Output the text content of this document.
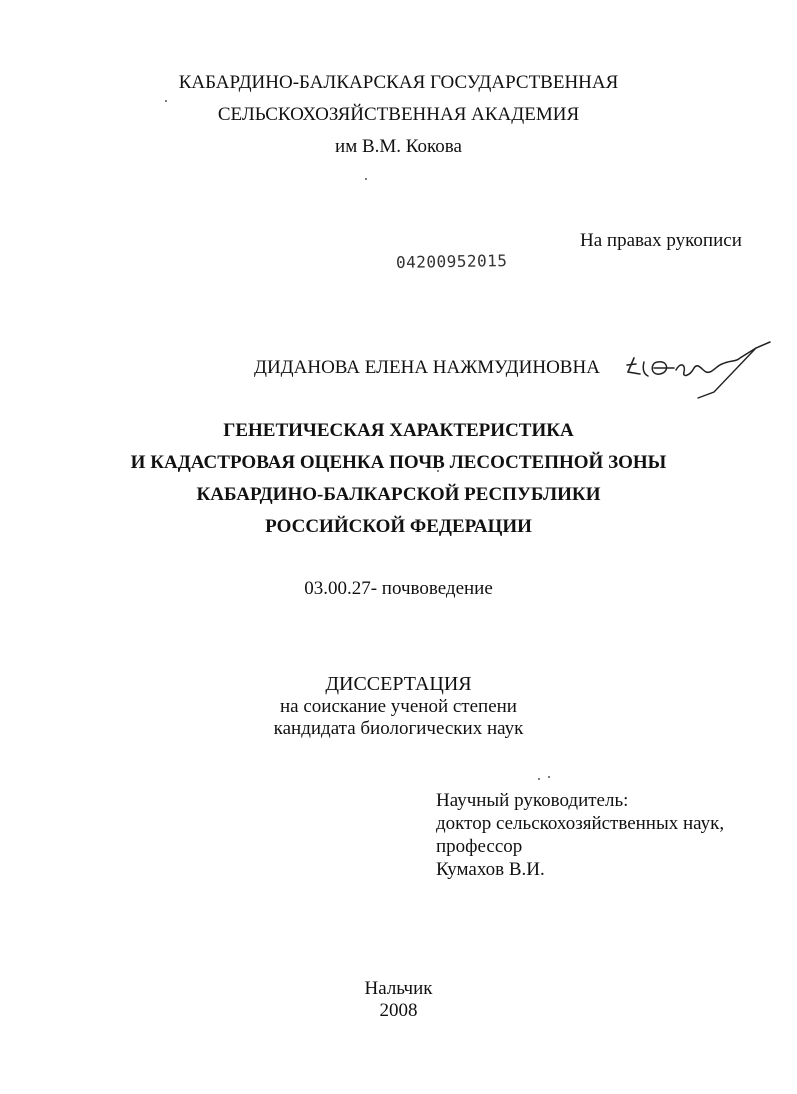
КАБАРДИНО-БАЛКАРСКАЯ ГОСУДАРСТВЕННАЯ
СЕЛЬСКОХОЗЯЙСТВЕННАЯ АКАДЕМИЯ
им В.М. Кокова
На правах рукописи
04200952015
ДИДАНОВА ЕЛЕНА НАЖМУДИНОВНА
ГЕНЕТИЧЕСКАЯ ХАРАКТЕРИСТИКА
И КАДАСТРОВАЯ ОЦЕНКА ПОЧВ ЛЕСОСТЕПНОЙ ЗОНЫ
КАБАРДИНО-БАЛКАРСКОЙ РЕСПУБЛИКИ
РОССИЙСКОЙ ФЕДЕРАЦИИ
03.00.27- почвоведение
ДИССЕРТАЦИЯ
на соискание ученой степени
кандидата биологических наук
Научный руководитель:
доктор сельскохозяйственных наук,
профессор
Кумахов В.И.
Нальчик
2008
